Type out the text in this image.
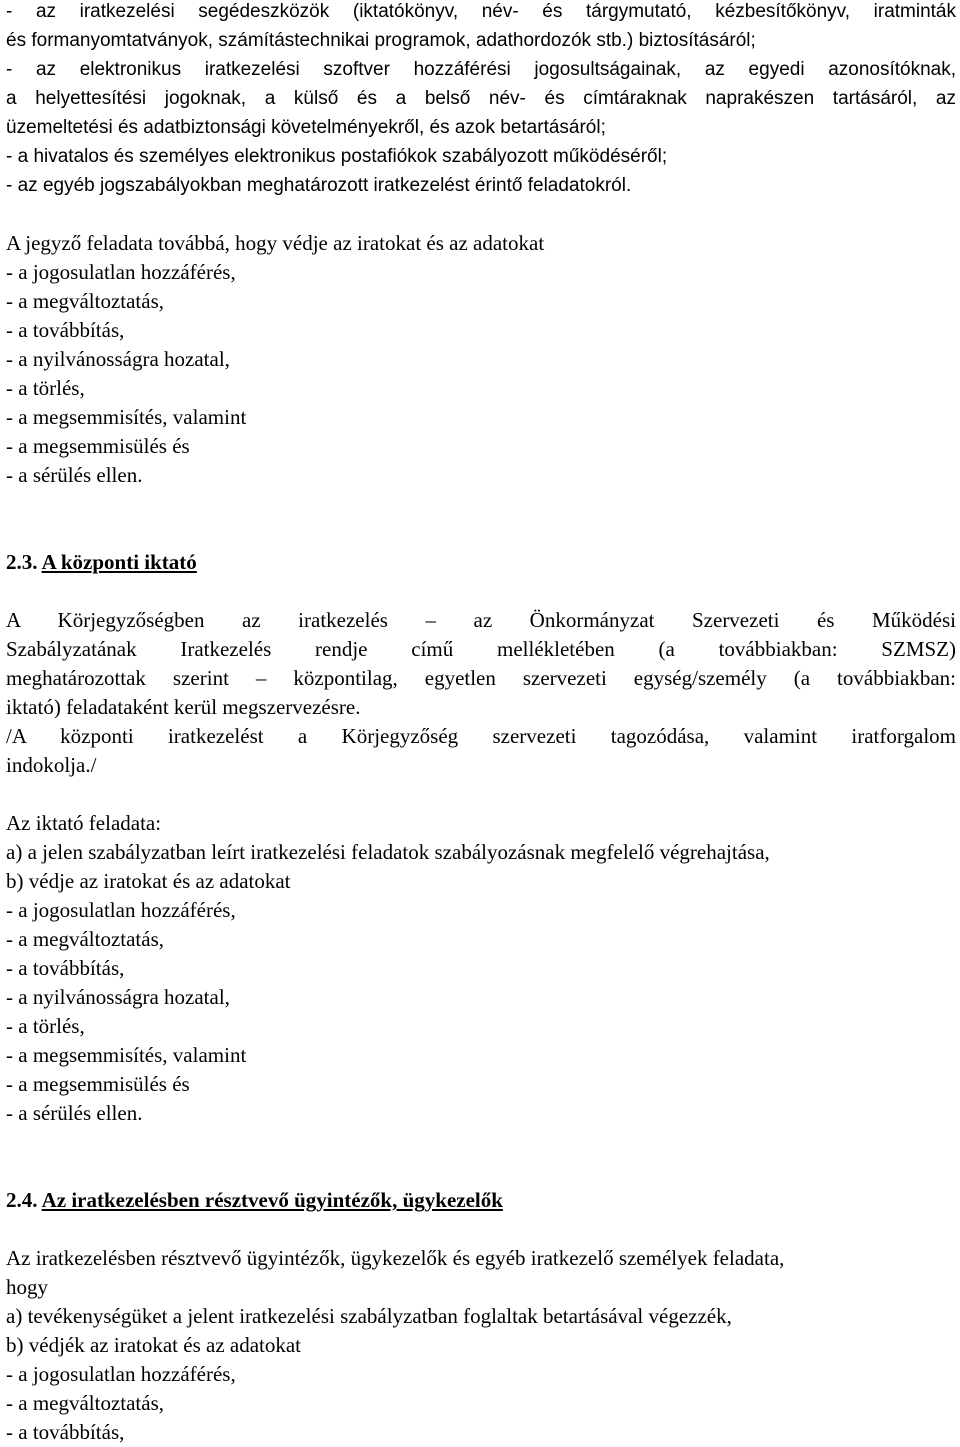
- az iratkezelési segédeszközök (iktatókönyv, név- és tárgymutató, kézbesítőkönyv, iratminták
és formanyomtatványok, számítástechnikai programok, adathordozók stb.) biztosításáról;
- az elektronikus iratkezelési szoftver hozzáférési jogosultságainak, az egyedi azonosítóknak,
a helyettesítési jogoknak, a külső és a belső név- és címtáraknak naprakészen tartásáról, az
üzemeltetési és adatbiztonsági követelményekről, és azok betartásáról;
- a hivatalos és személyes elektronikus postafiókok szabályozott működéséről;
- az egyéb jogszabályokban meghatározott iratkezelést érintő feladatokról.
A jegyző feladata továbbá, hogy védje az iratokat és az adatokat
- a jogosulatlan hozzáférés,
- a megváltoztatás,
- a továbbítás,
- a nyilvánosságra hozatal,
- a törlés,
- a megsemmisítés, valamint
- a megsemmisülés és
- a sérülés ellen.
2.3. A központi iktató
A Körjegyzőségben az iratkezelés – az Önkormányzat Szervezeti és Működési
Szabályzatának Iratkezelés rendje című mellékletében (a továbbiakban: SZMSZ)
meghatározottak szerint – központilag, egyetlen szervezeti egység/személy (a továbbiakban:
iktató) feladataként kerül megszervezésre.
/A központi iratkezelést a Körjegyzőség szervezeti tagozódása, valamint iratforgalom
indokolja./
Az iktató feladata:
a) a jelen szabályzatban leírt iratkezelési feladatok szabályozásnak megfelelő végrehajtása,
b) védje az iratokat és az adatokat
- a jogosulatlan hozzáférés,
- a megváltoztatás,
- a továbbítás,
- a nyilvánosságra hozatal,
- a törlés,
- a megsemmisítés, valamint
- a megsemmisülés és
- a sérülés ellen.
2.4. Az iratkezelésben résztvevő ügyintézők, ügykezelők
Az iratkezelésben résztvevő ügyintézők, ügykezelők és egyéb iratkezelő személyek feladata,
hogy
a) tevékenységüket a jelent iratkezelési szabályzatban foglaltak betartásával végezzék,
b) védjék az iratokat és az adatokat
- a jogosulatlan hozzáférés,
- a megváltoztatás,
- a továbbítás,
